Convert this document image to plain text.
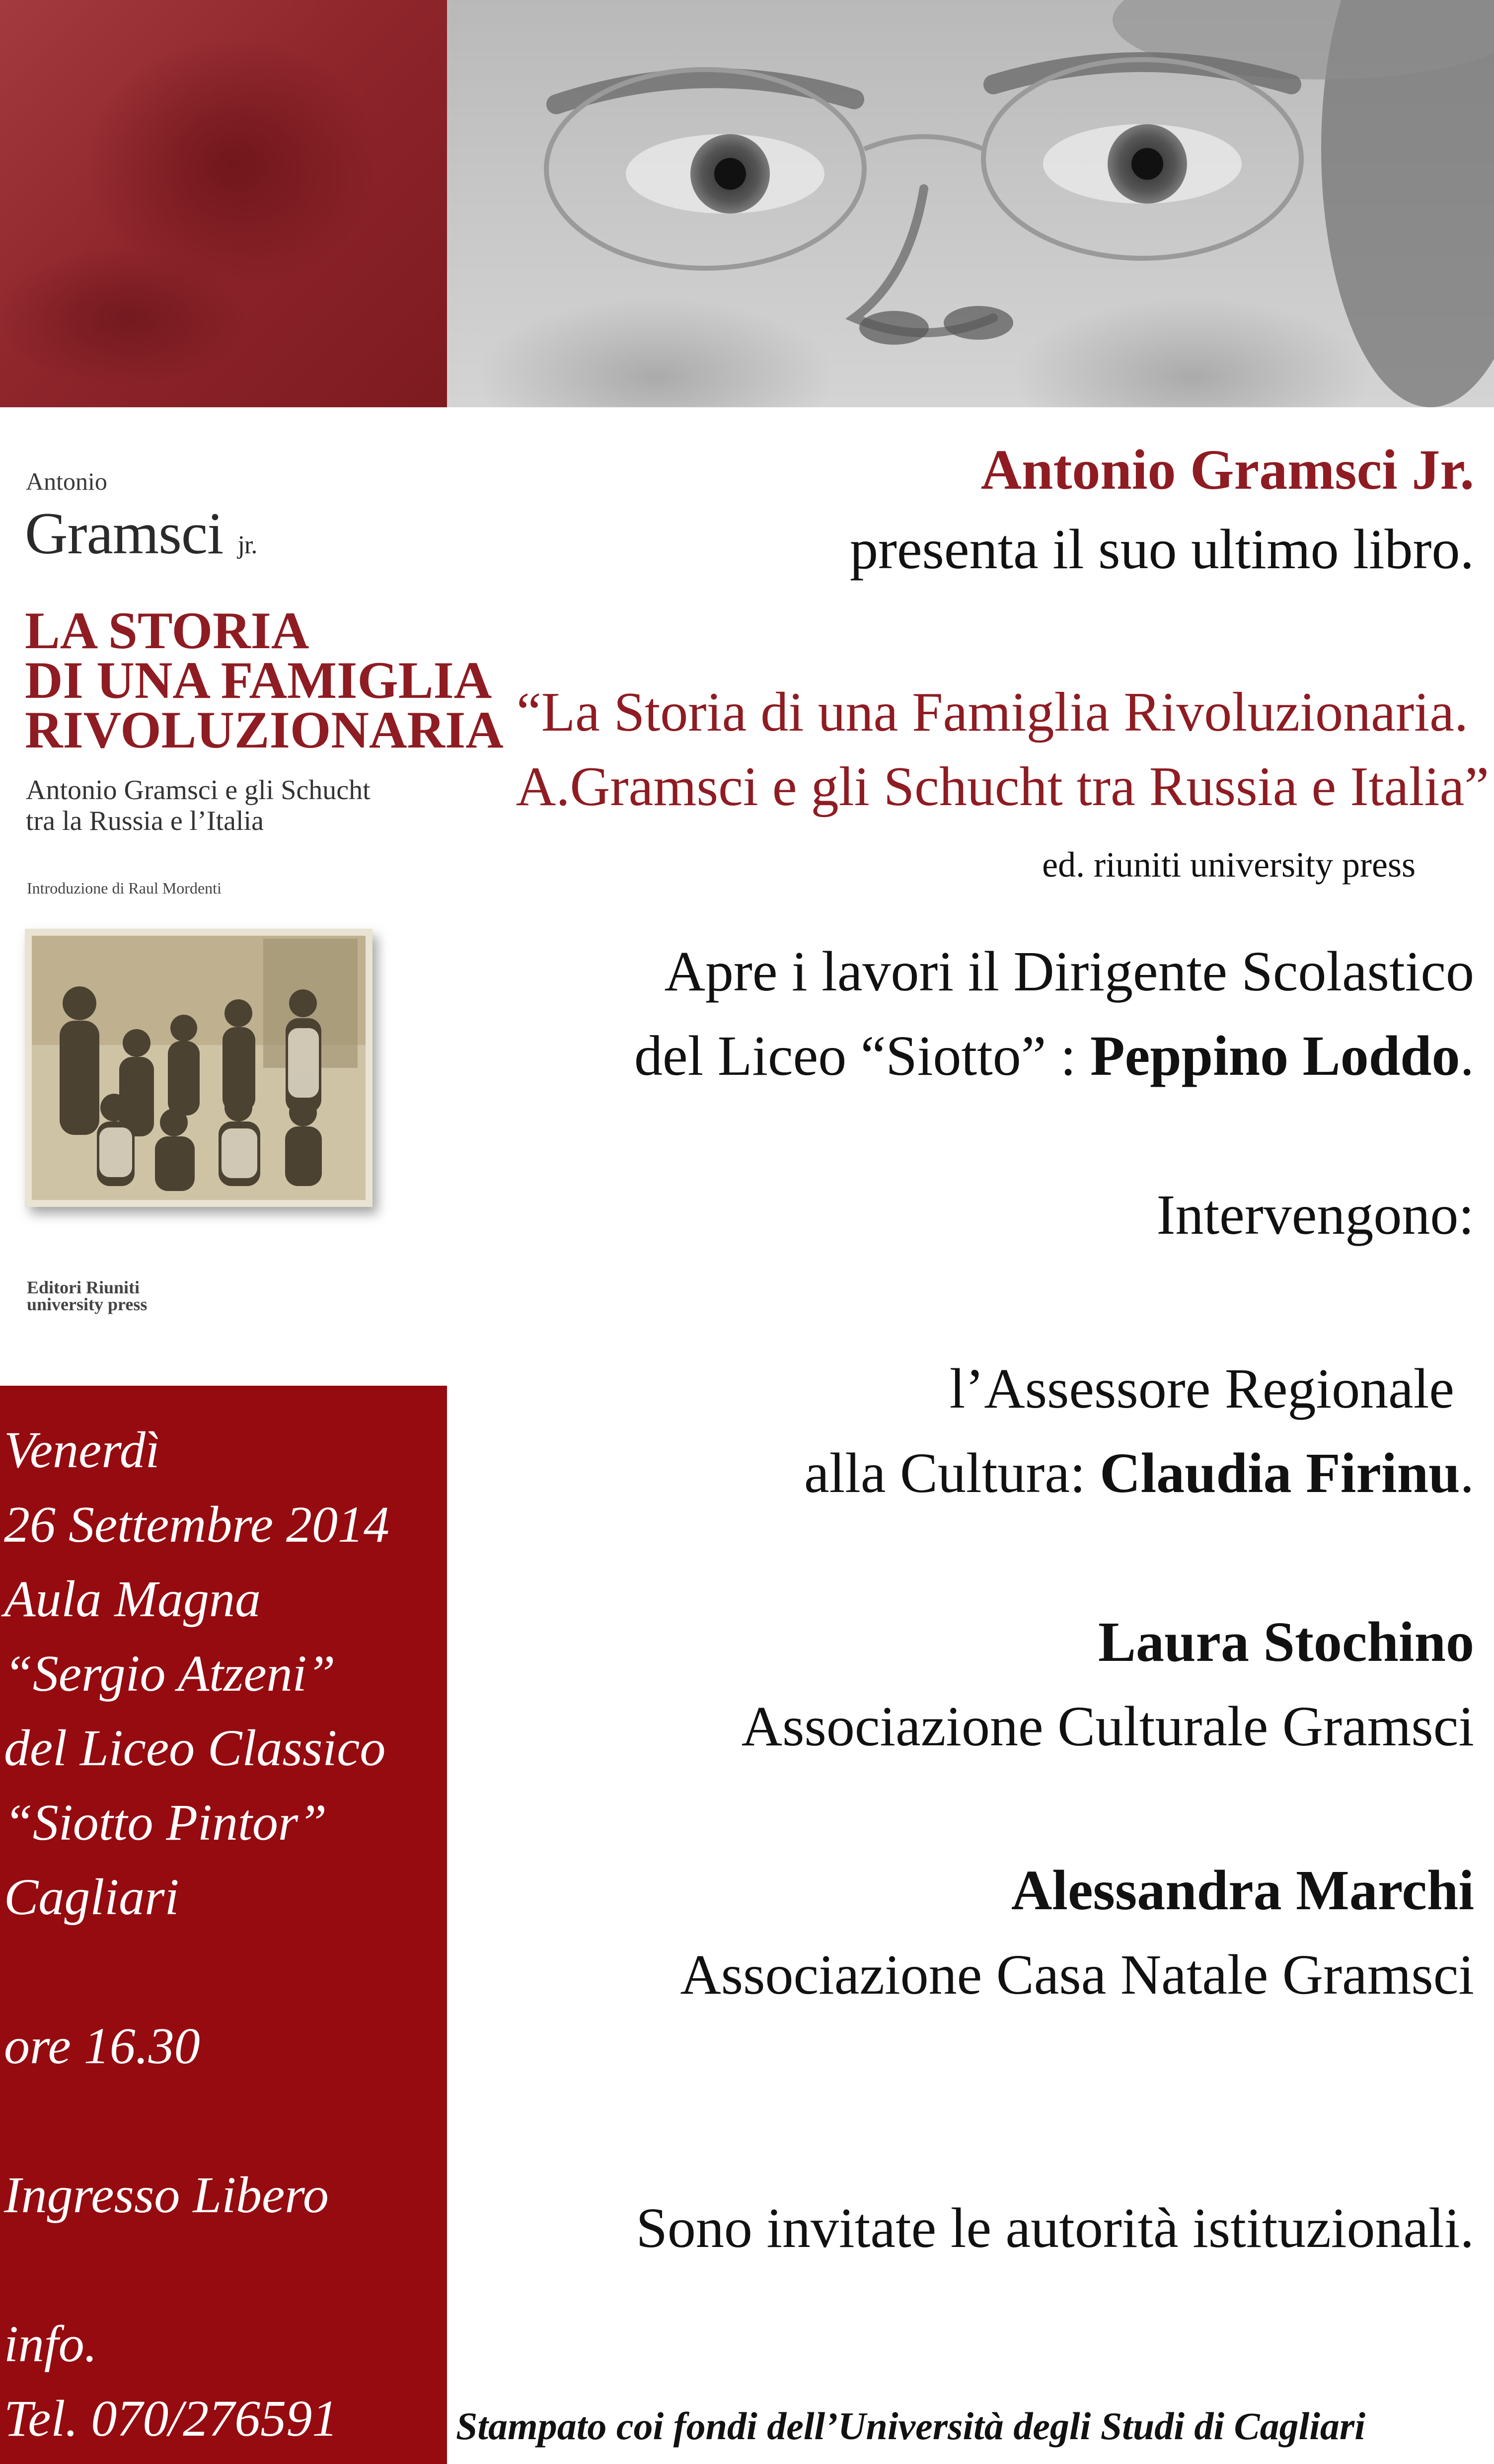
Antonio
Gramsci jr.
LA STORIA
DI UNA FAMIGLIA
RIVOLUZIONARIA
Antonio Gramsci e gli Schucht
tra la Russia e l’Italia
Introduzione di Raul Mordenti
Editori Riuniti
university press
Venerdì
26 Settembre 2014
Aula Magna
“Sergio Atzeni”
del Liceo Classico
“Siotto Pintor”
Cagliari
ore 16.30
Ingresso Libero
info.
Tel. 070/276591
Antonio Gramsci Jr.
presenta il suo ultimo libro.
“La Storia di una Famiglia Rivoluzionaria.
A.Gramsci e gli Schucht tra Russia e Italia”
ed. riuniti university press
Apre i lavori il Dirigente Scolastico
del Liceo “Siotto” : Peppino Loddo.
Intervengono:
l’Assessore Regionale
alla Cultura: Claudia Firinu.
Laura Stochino
Associazione Culturale Gramsci
Alessandra Marchi
Associazione Casa Natale Gramsci
Sono invitate le autorità istituzionali.
Stampato coi fondi dell’Università degli Studi di Cagliari
